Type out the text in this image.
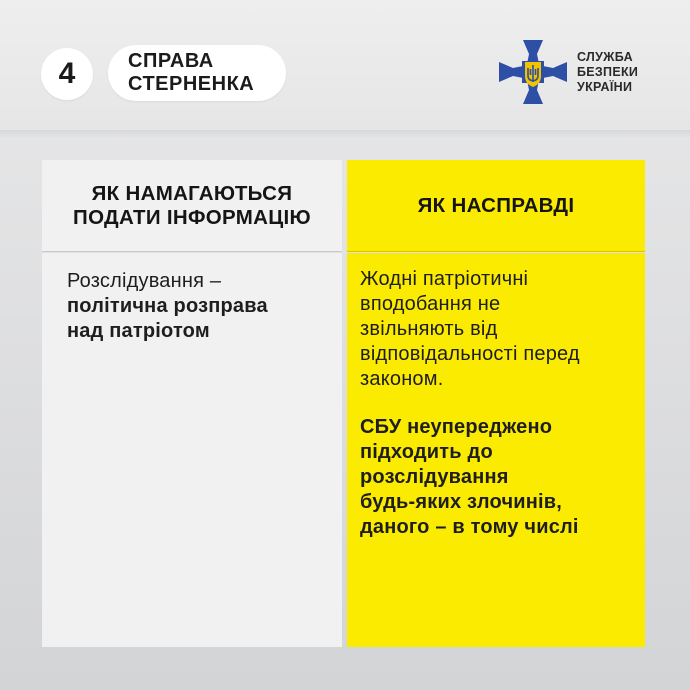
4	СПРАВА
СТЕРНЕНКА
СЛУЖБА
БЕЗПЕКИ
УКРАЇНИ
ЯК НАМАГАЮТЬСЯ
ПОДАТИ ІНФОРМАЦІЮ
Розслідування –
політична розправа
над патріотом
ЯК НАСПРАВДІ
Жодні патріотичні
вподобання не
звільняють від
відповідальності перед
законом.
СБУ неупереджено
підходить до
розслідування
будь-яких злочинів,
даного – в тому числі
